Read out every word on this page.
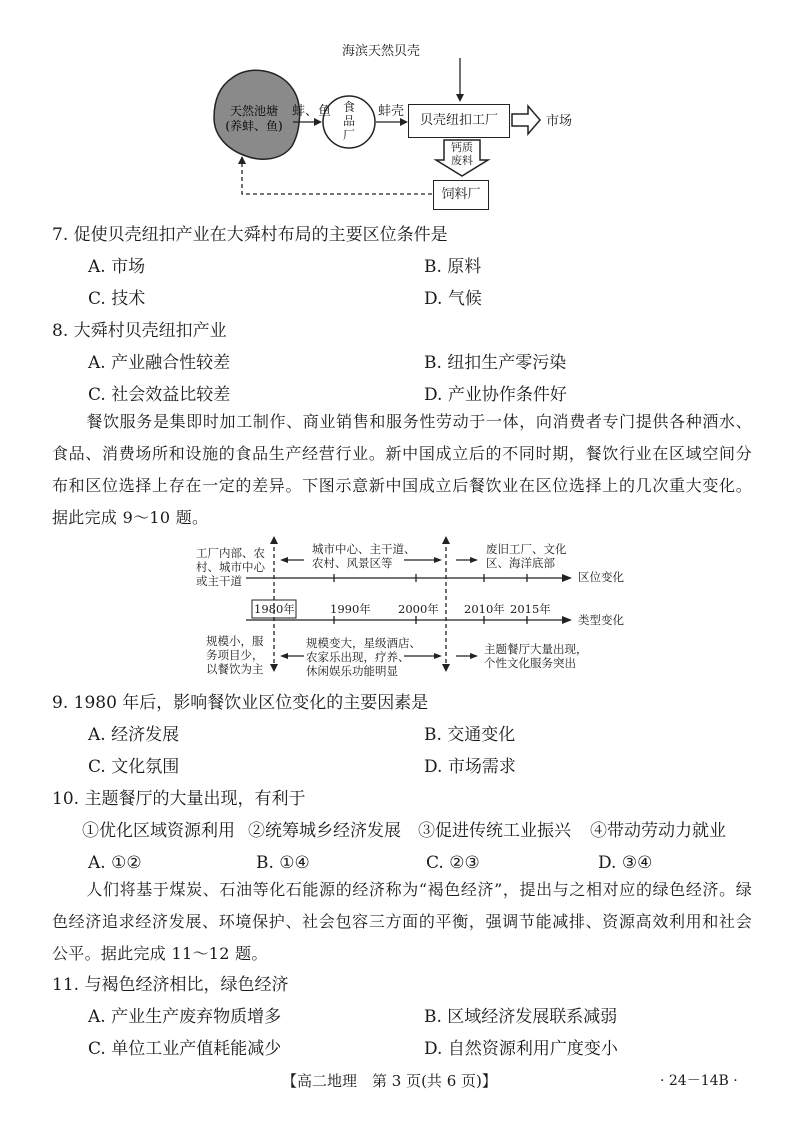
海滨天然贝壳
天然池塘
(养蚌、鱼)
蚌、鱼 食
品
厂
蚌壳
贝壳纽扣工厂	市场
钙质
废料
饲料厂
7. 促使贝壳纽扣产业在大舜村布局的主要区位条件是
A. 市场	B. 原料
C. 技术	D. 气候
8. 大舜村贝壳纽扣产业
A. 产业融合性较差	B. 纽扣生产零污染
C. 社会效益比较差	D. 产业协作条件好
餐饮服务是集即时加工制作、商业销售和服务性劳动于一体，向消费者专门提供各种酒水、食品、消费场所和设施的食品生产经营行业。新中国成立后的不同时期，餐饮行业在区域空间分布和区位选择上存在一定的差异。下图示意新中国成立后餐饮业在区位选择上的几次重大变化。据此完成 9～10 题。
工厂内部、农
村、城市中心
或主干道
城市中心、主干道、
农村、风景区等
废旧工厂、文化
区、海洋底部
区位变化
1980年	1990年 2000年 2010年 2015年
类型变化
规模小，服
务项目少，
以餐饮为主
规模变大，星级酒店、
农家乐出现，疗养、
休闲娱乐功能明显
主题餐厅大量出现，
个性文化服务突出
9. 1980 年后，影响餐饮业区位变化的主要因素是
A. 经济发展	B. 交通变化
C. 文化氛围	D. 市场需求
10. 主题餐厅的大量出现，有利于
①优化区域资源利用 ②统筹城乡经济发展 ③促进传统工业振兴 ④带动劳动力就业
A. ①②	B. ①④	C. ②③	D. ③④
人们将基于煤炭、石油等化石能源的经济称为“褐色经济”，提出与之相对应的绿色经济。绿色经济追求经济发展、环境保护、社会包容三方面的平衡，强调节能减排、资源高效利用和社会公平。据此完成 11～12 题。
11. 与褐色经济相比，绿色经济
A. 产业生产废弃物质增多	B. 区域经济发展联系减弱
C. 单位工业产值耗能减少	D. 自然资源利用广度变小
【高二地理　第 3 页(共 6 页)】	· 24－14B ·
